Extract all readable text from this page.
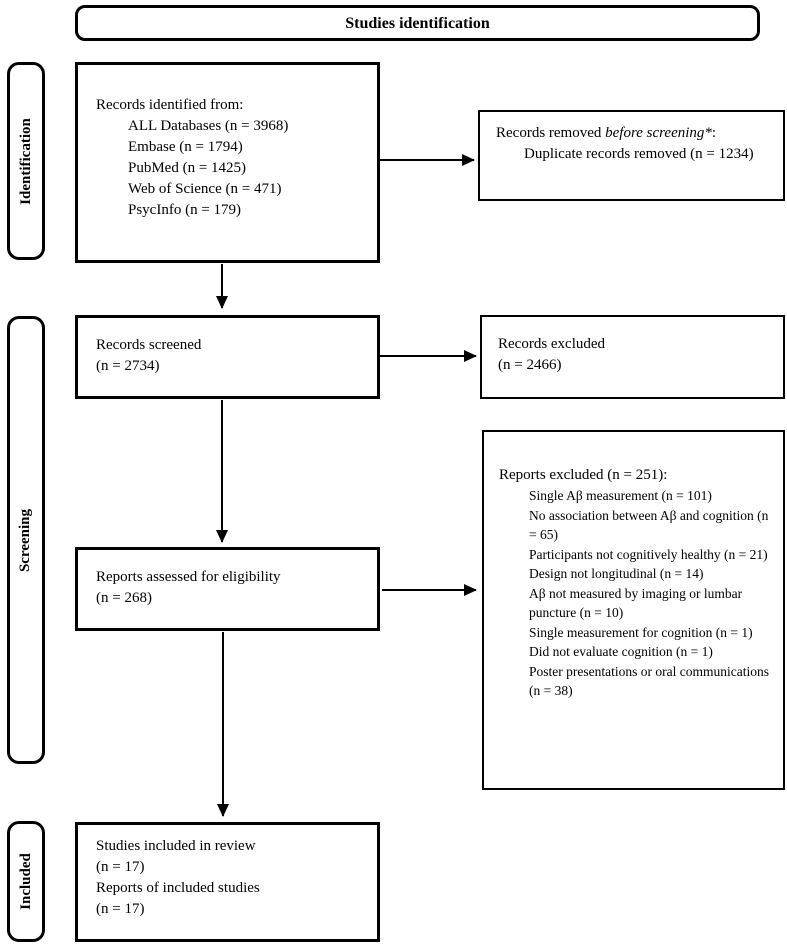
Studies identification
Identification
Screening
Included
Records identified from:
ALL Databases (n = 3968)
Embase (n = 1794)
PubMed (n = 1425)
Web of Science (n = 471)
PsycInfo (n = 179)
Records removed before screening*:
Duplicate records removed (n = 1234)
Records screened
(n = 2734)
Records excluded
(n = 2466)
Reports excluded (n = 251):
Single Aβ measurement (n = 101)
No association between Aβ and cognition (n = 65)
Participants not cognitively healthy (n = 21)
Design not longitudinal (n = 14)
Aβ not measured by imaging or lumbar puncture (n = 10)
Single measurement for cognition (n = 1)
Did not evaluate cognition (n = 1)
Poster presentations or oral communications (n = 38)
Reports assessed for eligibility
(n = 268)
Studies included in review
(n = 17)
Reports of included studies
(n = 17)
